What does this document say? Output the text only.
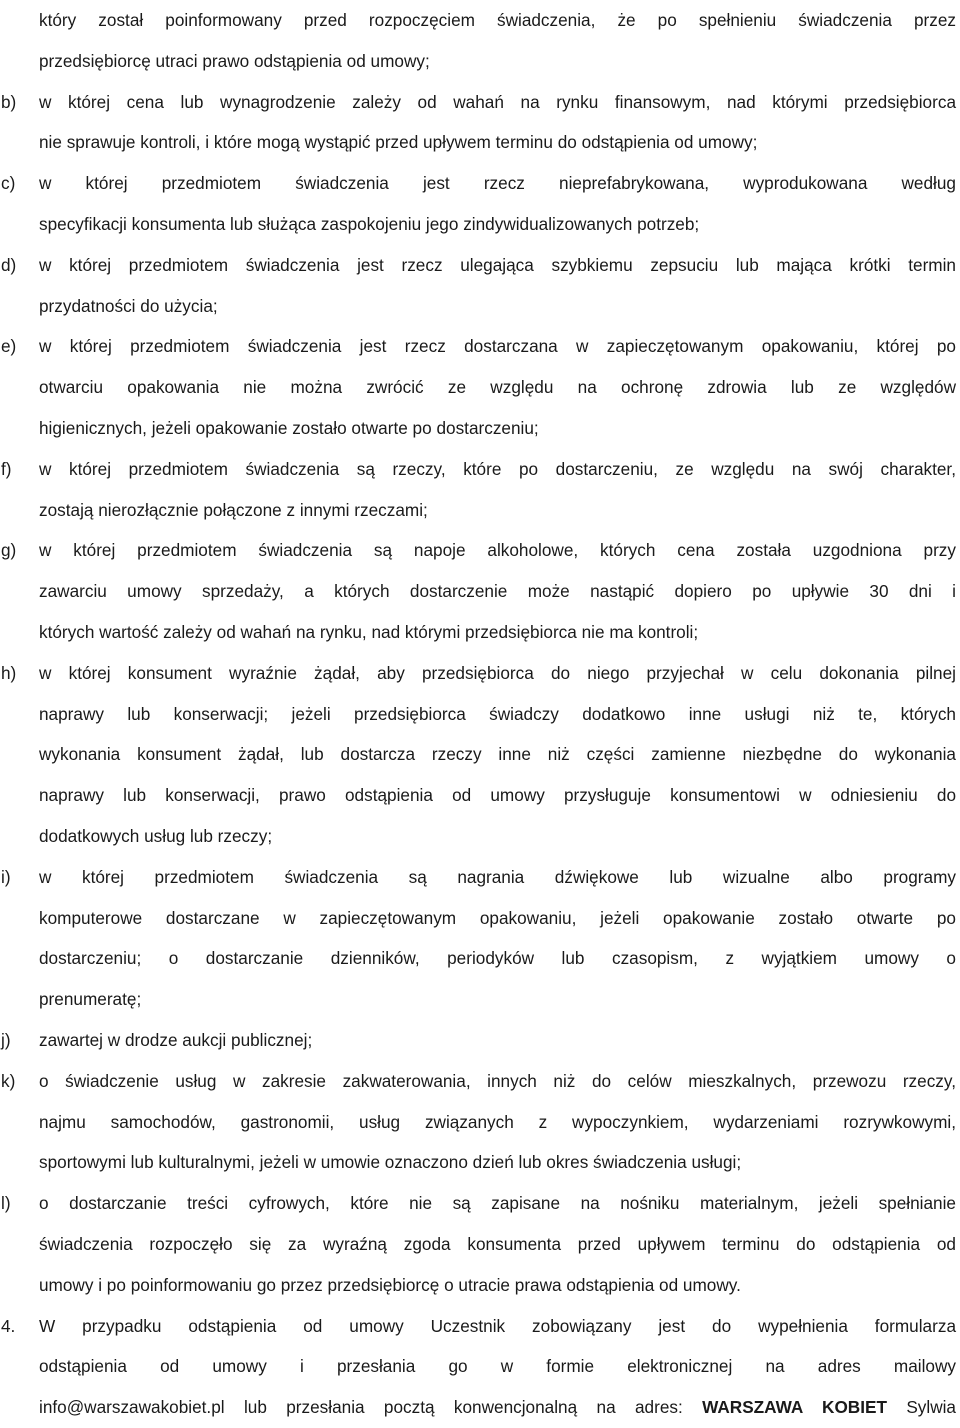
który został poinformowany przed rozpoczęciem świadczenia, że po spełnieniu świadczenia przez
przedsiębiorcę utraci prawo odstąpienia od umowy;
b)	w której cena lub wynagrodzenie zależy od wahań na rynku finansowym, nad którymi przedsiębiorca
nie sprawuje kontroli, i które mogą wystąpić przed upływem terminu do odstąpienia od umowy;
c)	w której przedmiotem świadczenia jest rzecz nieprefabrykowana, wyprodukowana według
specyfikacji konsumenta lub służąca zaspokojeniu jego zindywidualizowanych potrzeb;
d)	w której przedmiotem świadczenia jest rzecz ulegająca szybkiemu zepsuciu lub mająca krótki termin
przydatności do użycia;
e)	w której przedmiotem świadczenia jest rzecz dostarczana w zapieczętowanym opakowaniu, której po
otwarciu opakowania nie można zwrócić ze względu na ochronę zdrowia lub ze względów
higienicznych, jeżeli opakowanie zostało otwarte po dostarczeniu;
f)	w której przedmiotem świadczenia są rzeczy, które po dostarczeniu, ze względu na swój charakter,
zostają nierozłącznie połączone z innymi rzeczami;
g)	w której przedmiotem świadczenia są napoje alkoholowe, których cena została uzgodniona przy
zawarciu umowy sprzedaży, a których dostarczenie może nastąpić dopiero po upływie 30 dni i
których wartość zależy od wahań na rynku, nad którymi przedsiębiorca nie ma kontroli;
h)	w której konsument wyraźnie żądał, aby przedsiębiorca do niego przyjechał w celu dokonania pilnej
naprawy lub konserwacji; jeżeli przedsiębiorca świadczy dodatkowo inne usługi niż te, których
wykonania konsument żądał, lub dostarcza rzeczy inne niż części zamienne niezbędne do wykonania
naprawy lub konserwacji, prawo odstąpienia od umowy przysługuje konsumentowi w odniesieniu do
dodatkowych usług lub rzeczy;
i)	w której przedmiotem świadczenia są nagrania dźwiękowe lub wizualne albo programy
komputerowe dostarczane w zapieczętowanym opakowaniu, jeżeli opakowanie zostało otwarte po
dostarczeniu; o dostarczanie dzienników, periodyków lub czasopism, z wyjątkiem umowy o
prenumeratę;
j)	zawartej w drodze aukcji publicznej;
k)	o świadczenie usług w zakresie zakwaterowania, innych niż do celów mieszkalnych, przewozu rzeczy,
najmu samochodów, gastronomii, usług związanych z wypoczynkiem, wydarzeniami rozrywkowymi,
sportowymi lub kulturalnymi, jeżeli w umowie oznaczono dzień lub okres świadczenia usługi;
l)	o dostarczanie treści cyfrowych, które nie są zapisane na nośniku materialnym, jeżeli spełnianie
świadczenia rozpoczęło się za wyraźną zgoda konsumenta przed upływem terminu do odstąpienia od
umowy i po poinformowaniu go przez przedsiębiorcę o utracie prawa odstąpienia od umowy.
4.	W przypadku odstąpienia od umowy Uczestnik zobowiązany jest do wypełnienia formularza
odstąpienia od umowy i przesłania go w formie elektronicznej na adres mailowy
info@warszawakobiet.pl lub przesłania pocztą konwencjonalną na adres: WARSZAWA KOBIET Sylwia
